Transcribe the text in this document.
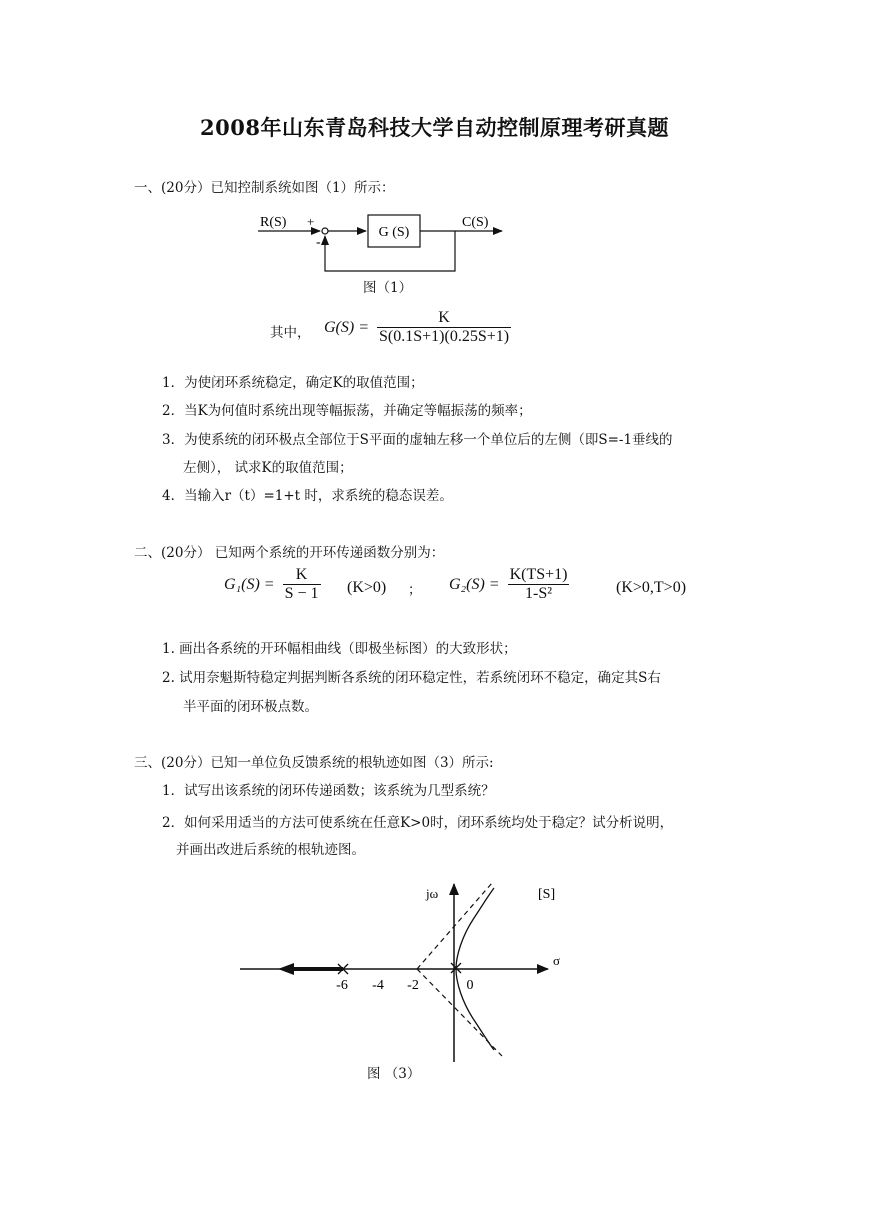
2008年山东青岛科技大学自动控制原理考研真题
一、(20分）已知控制系统如图（1）所示：
R(S) +
-
G (S)
C(S)
图（1）
其中， $G(S) = \frac{K}{S(0.1S+1)(0.25S+1)}$
1．为使闭环系统稳定，确定K的取值范围；
2．当K为何值时系统出现等幅振荡，并确定等幅振荡的频率；
3．为使系统的闭环极点全部位于S平面的虚轴左移一个单位后的左侧（即S=-1垂线的
左侧）， 试求K的取值范围；
4．当输入r（t）=1+t 时，求系统的稳态误差。
二、(20分） 已知两个系统的开环传递函数分别为：
$G_1(S) = \frac{K}{S - 1} (K>0)$ ； $G_2(S) = \frac{K(TS+1)}{\text{1-S²}}$	(K>0,T>0)
1. 画出各系统的开环幅相曲线（即极坐标图）的大致形状；
2. 试用奈魁斯特稳定判据判断各系统的闭环稳定性，若系统闭环不稳定，确定其S右
半平面的闭环极点数。
三、(20分）已知一单位负反馈系统的根轨迹如图（3）所示:
1．试写出该系统的闭环传递函数；该系统为几型系统？
2．如何采用适当的方法可使系统在任意K>0时，闭环系统均处于稳定？试分析说明，
并画出改进后系统的根轨迹图。
jω	[S]
σ
-6 -4 -2	0
图 （3）
